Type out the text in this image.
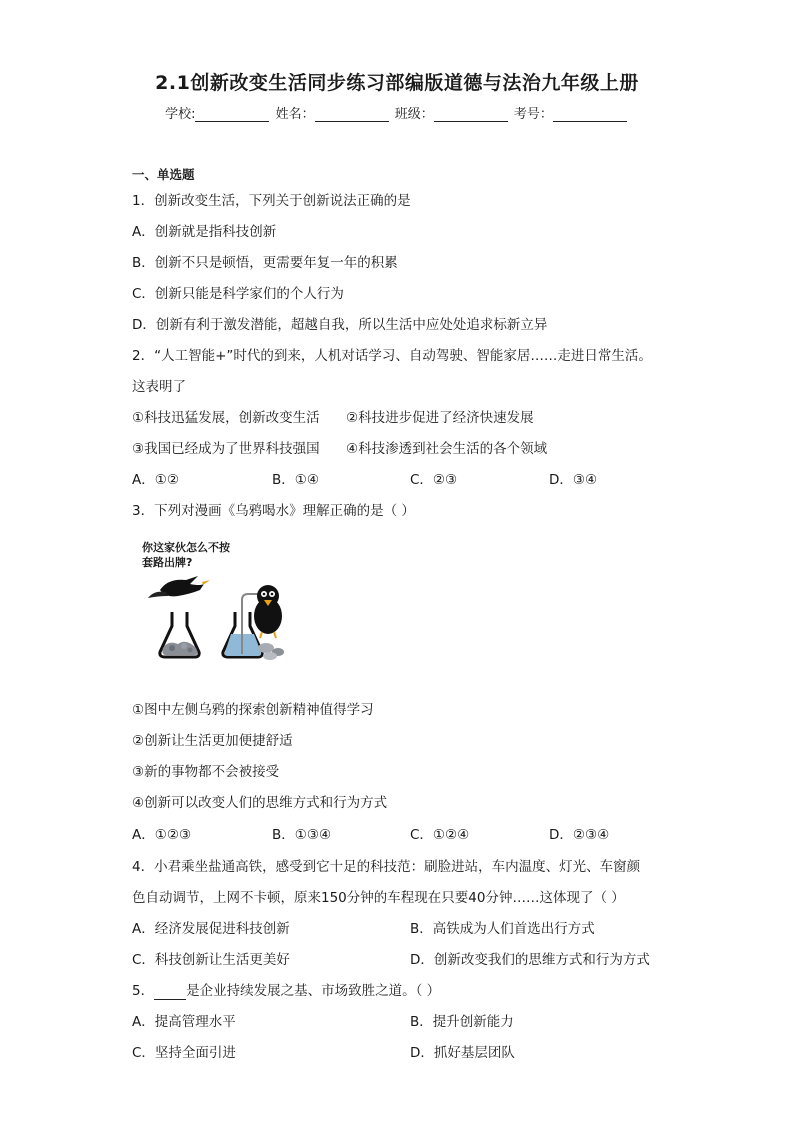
2.1创新改变生活同步练习部编版道德与法治九年级上册
学校:	姓名：	班级：	考号：
一、单选题
1．创新改变生活，下列关于创新说法正确的是
A．创新就是指科技创新
B．创新不只是顿悟，更需要年复一年的积累
C．创新只能是科学家们的个人行为
D．创新有利于激发潜能，超越自我，所以生活中应处处追求标新立异
2．“人工智能+”时代的到来，人机对话学习、自动驾驶、智能家居……走进日常生活。
这表明了
①科技迅猛发展，创新改变生活 ②科技进步促进了经济快速发展
③我国已经成为了世界科技强国 ④科技渗透到社会生活的各个领域
A．①②	B．①④	C．②③	D．③④
3．下列对漫画《乌鸦喝水》理解正确的是（ ）
你这家伙怎么不按
套路出牌?
①图中左侧乌鸦的探索创新精神值得学习
②创新让生活更加便捷舒适
③新的事物都不会被接受
④创新可以改变人们的思维方式和行为方式
A．①②③	B．①③④	C．①②④	D．②③④
4．小君乘坐盐通高铁，感受到它十足的科技范：刷脸进站，车内温度、灯光、车窗颜
色自动调节，上网不卡顿，原来150分钟的车程现在只要40分钟……这体现了（ ）
A．经济发展促进科技创新	B．高铁成为人们首选出行方式
C．科技创新让生活更美好	D．创新改变我们的思维方式和行为方式
5． 是企业持续发展之基、市场致胜之道。（ ）
A．提高管理水平	B．提升创新能力
C．坚持全面引进	D．抓好基层团队
